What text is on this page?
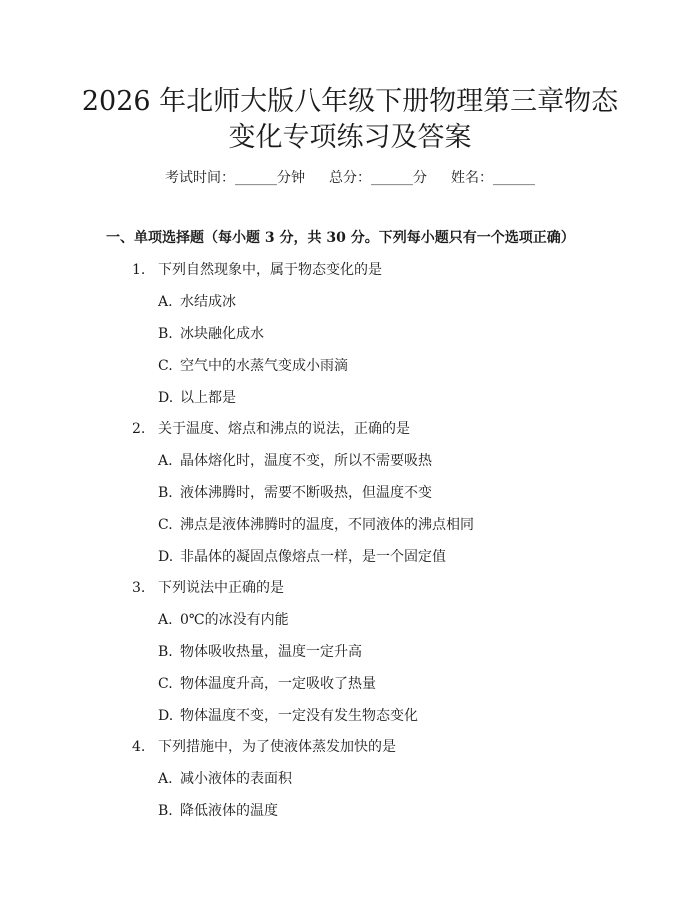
2026 年北师大版八年级下册物理第三章物态
变化专项练习及答案
考试时间：______分钟 总分：______分 姓名：______
一、单项选择题（每小题 3 分，共 30 分。下列每小题只有一个选项正确）
1. 下列自然现象中，属于物态变化的是
A. 水结成冰
B. 冰块融化成水
C. 空气中的水蒸气变成小雨滴
D. 以上都是
2. 关于温度、熔点和沸点的说法，正确的是
A. 晶体熔化时，温度不变，所以不需要吸热
B. 液体沸腾时，需要不断吸热，但温度不变
C. 沸点是液体沸腾时的温度，不同液体的沸点相同
D. 非晶体的凝固点像熔点一样，是一个固定值
3. 下列说法中正确的是
A. 0℃的冰没有内能
B. 物体吸收热量，温度一定升高
C. 物体温度升高，一定吸收了热量
D. 物体温度不变，一定没有发生物态变化
4. 下列措施中，为了使液体蒸发加快的是
A. 减小液体的表面积
B. 降低液体的温度
